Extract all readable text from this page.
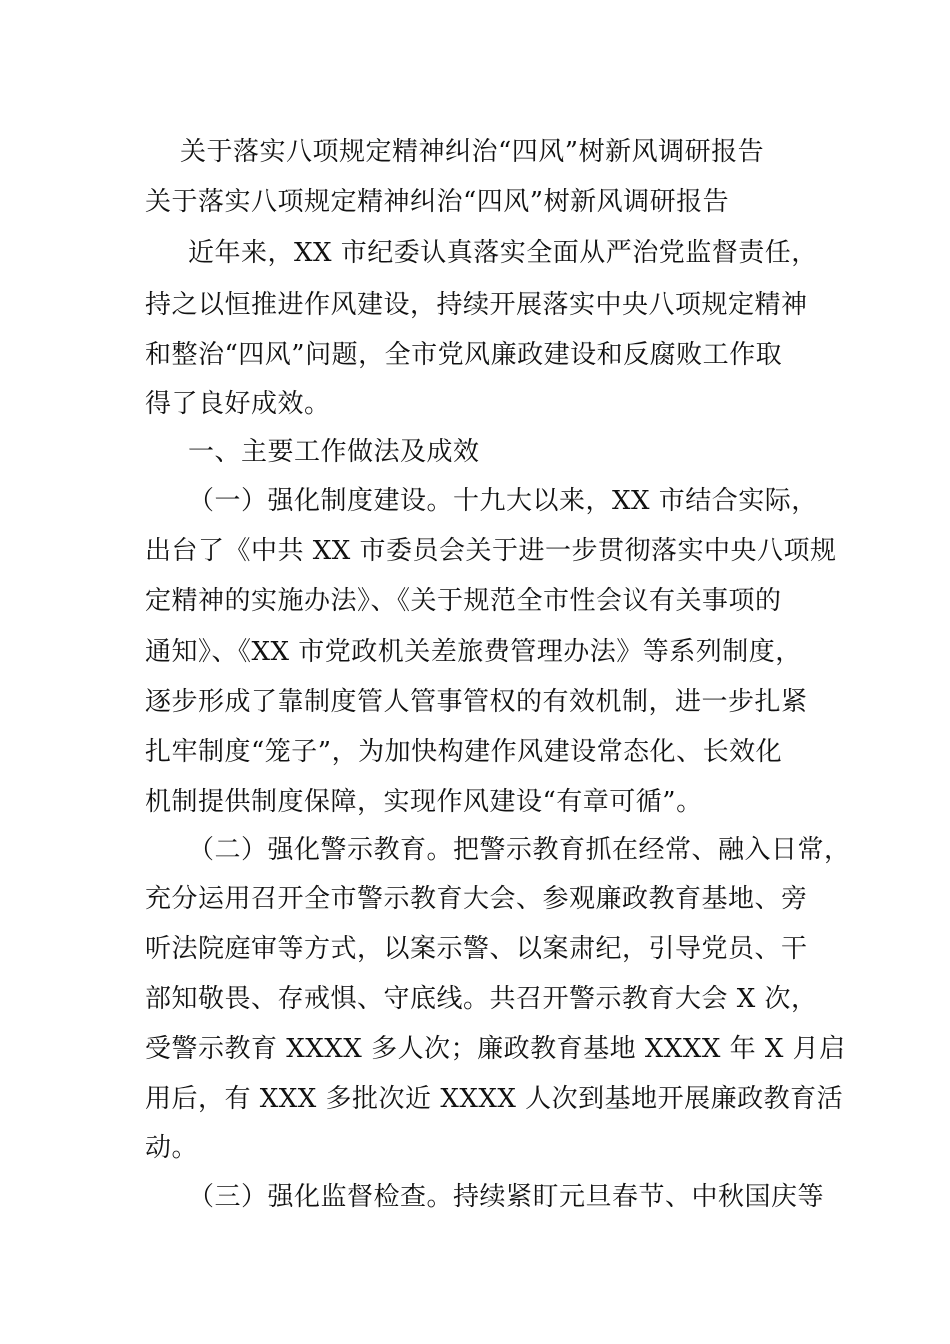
关于落实八项规定精神纠治“四风”树新风调研报告
关于落实八项规定精神纠治“四风”树新风调研报告

近年来，XX 市纪委认真落实全面从严治党监督责任，

持之以恒推进作风建设，持续开展落实中央八项规定精神

和整治“四风”问题，全市党风廉政建设和反腐败工作取

得了良好成效。

一、主要工作做法及成效

（一）强化制度建设。十九大以来，XX 市结合实际，

出台了《中共 XX 市委员会关于进一步贯彻落实中央八项规

定精神的实施办法》、《关于规范全市性会议有关事项的

通知》、《XX 市党政机关差旅费管理办法》等系列制度，

逐步形成了靠制度管人管事管权的有效机制，进一步扎紧

扎牢制度“笼子”，为加快构建作风建设常态化、长效化

机制提供制度保障，实现作风建设“有章可循”。

（二）强化警示教育。把警示教育抓在经常、融入日常，

充分运用召开全市警示教育大会、参观廉政教育基地、旁

听法院庭审等方式，以案示警、以案肃纪，引导党员、干

部知敬畏、存戒惧、守底线。共召开警示教育大会 X 次，

受警示教育 XXXX 多人次；廉政教育基地 XXXX 年 X 月启

用后，有 XXX 多批次近 XXXX 人次到基地开展廉政教育活

动。

（三）强化监督检查。持续紧盯元旦春节、中秋国庆等
